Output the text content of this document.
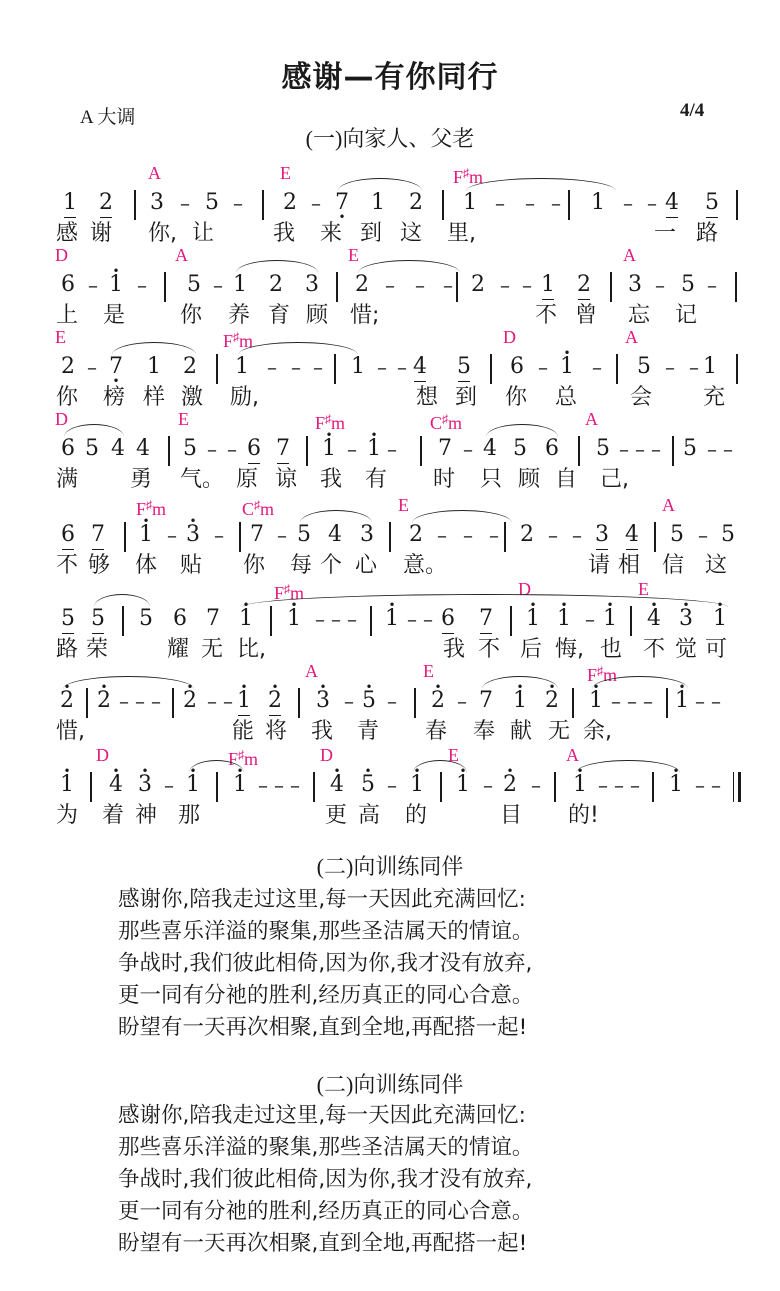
感谢—有你同行
A 大调	4/4
(一)向家人、父老
A	E	F♯m
1 2 3 – 5 – 2 – • 7 1 2 1 – – – 1 – – 4 5
感 谢 你, 让	我 来 到 这 里,	一 路
D	A	E	A
6 – • 1 – 5 – 1 2 3 2 – – – 2 – – 1 2 3 – 5 –
上 是 你 养 育 顾 惜;	不 曾 忘 记
E	F♯m	D	A
2 – • 7 1 2 1 – – – 1 – – 4 5 6 – • 1 – 5 – – 1
你 榜 样 激 励,	想 到 你 总 会 充
D	E	F♯m	C♯m	A
6 5 4 4 5 – – 6 7 • 1 – • 1 – 7 – 4 5 6 5 – – – 5 – –
满 勇 气。 原 谅 我 有 时 只 顾 自 己,
F♯m	C♯m	E	A
6 7 • 1 – • 3 – 7 – 5 4 3 2 – – – 2 – – 3 4 5 – 5
不 够 体 贴 你 每 个 心 意。	请 相 信 这
F♯m	D	E
5 5 5 6 7 • 1 • 1 – – – • 1 – – 6 7 • 1 • 1 – • 1 • 4 • 3 • 1
路 荣	耀 无 比,	我 不 后 悔, 也 不 觉 可
A	E	F♯m
• 2 • 2 – – – • 2 – – • 1 • 2 • 3 – • 5 – • 2 – 7 • 1 • 2 • 1 – – – • 1 – –
惜,	能 将 我 青 春 奉 献 无 余,
D	F♯m	D	E	A
• 1 • 4 • 3 – • 1 • 1 – – – • 4 • 5 – • 1 • 1 – • 2 – • 1 – – – • 1 – –
为 着 神 那	更 高 的	目 的!
(二)向训练同伴
感谢你,陪我走过这里,每一天因此充满回忆:
那些喜乐洋溢的聚集,那些圣洁属天的情谊。
争战时,我们彼此相倚,因为你,我才没有放弃,
更一同有分祂的胜利,经历真正的同心合意。
盼望有一天再次相聚,直到全地,再配搭一起!
(二)向训练同伴
感谢你,陪我走过这里,每一天因此充满回忆:
那些喜乐洋溢的聚集,那些圣洁属天的情谊。
争战时,我们彼此相倚,因为你,我才没有放弃,
更一同有分祂的胜利,经历真正的同心合意。
盼望有一天再次相聚,直到全地,再配搭一起!
